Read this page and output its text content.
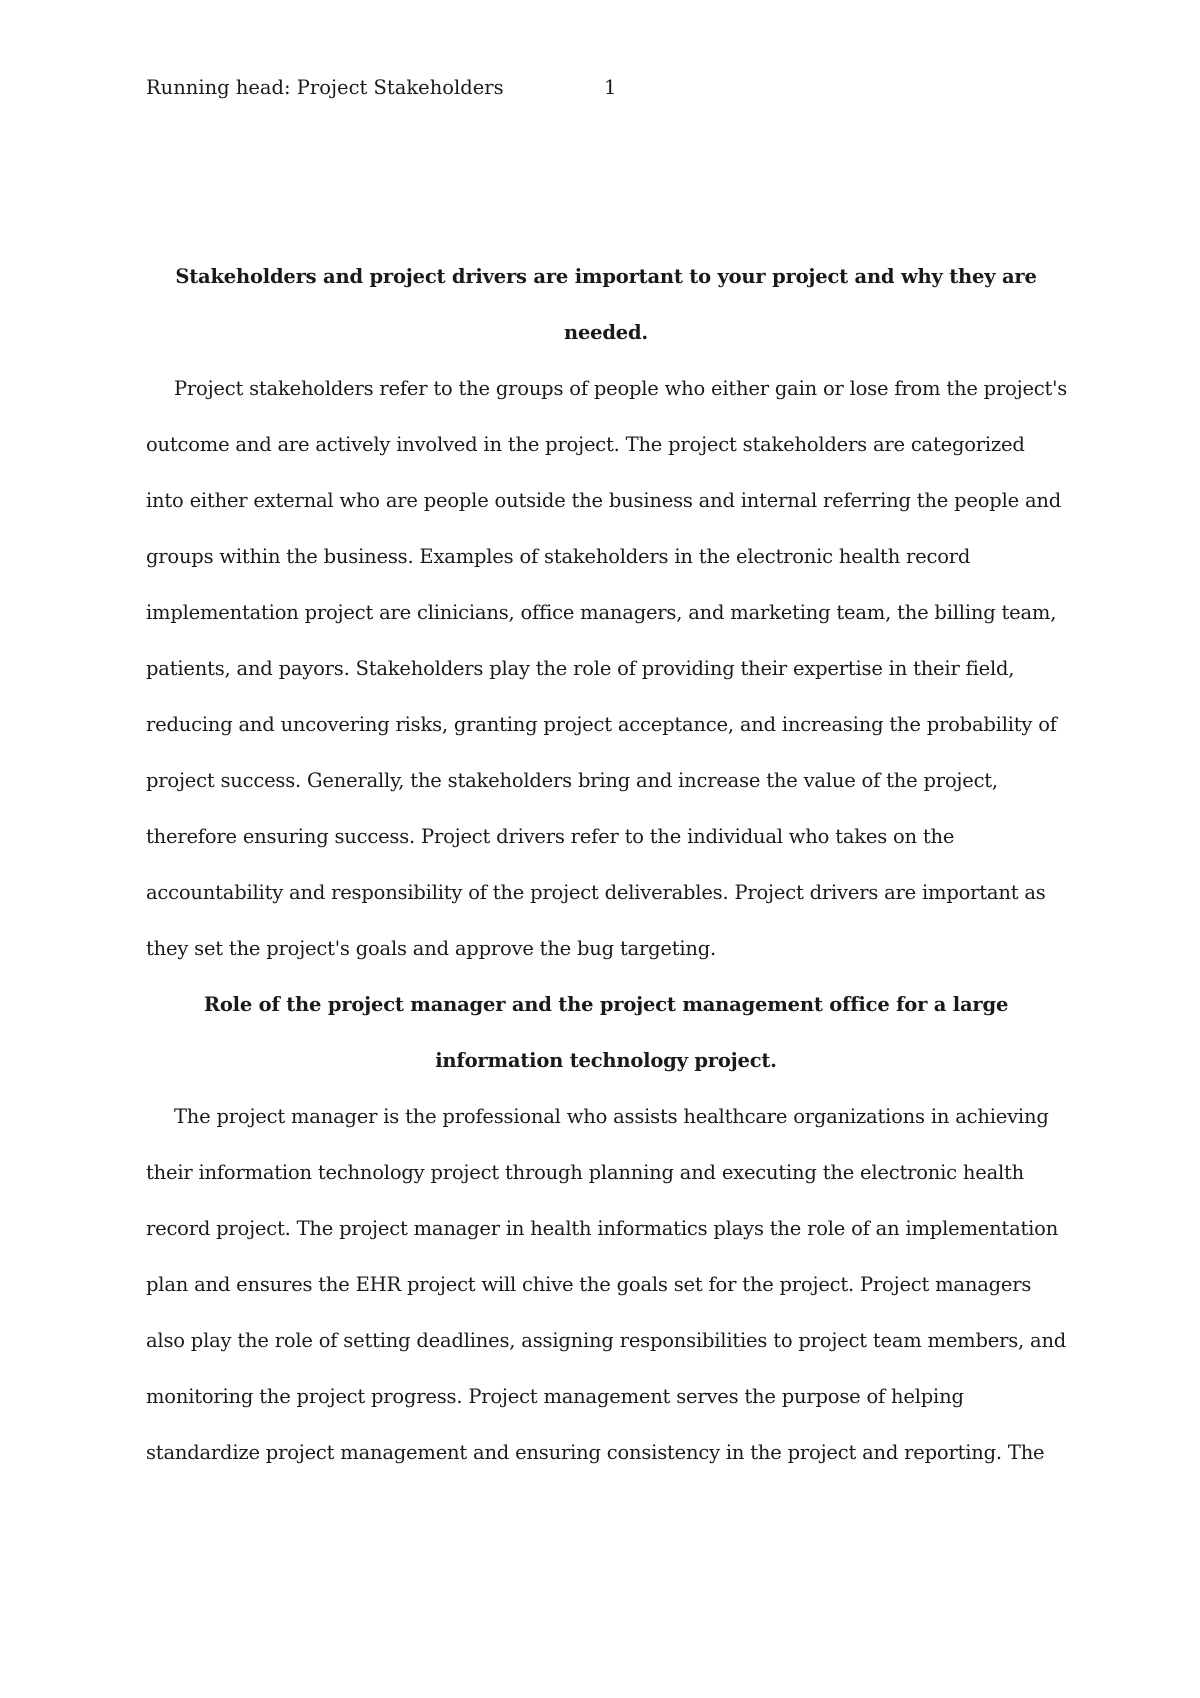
Running head: Project Stakeholders	1
Stakeholders and project drivers are important to your project and why they are
needed.
Project stakeholders refer to the groups of people who either gain or lose from the project's
outcome and are actively involved in the project. The project stakeholders are categorized
into either external who are people outside the business and internal referring the people and
groups within the business. Examples of stakeholders in the electronic health record
implementation project are clinicians, office managers, and marketing team, the billing team,
patients, and payors. Stakeholders play the role of providing their expertise in their field,
reducing and uncovering risks, granting project acceptance, and increasing the probability of
project success. Generally, the stakeholders bring and increase the value of the project,
therefore ensuring success. Project drivers refer to the individual who takes on the
accountability and responsibility of the project deliverables. Project drivers are important as
they set the project's goals and approve the bug targeting.
Role of the project manager and the project management office for a large
information technology project.
The project manager is the professional who assists healthcare organizations in achieving
their information technology project through planning and executing the electronic health
record project. The project manager in health informatics plays the role of an implementation
plan and ensures the EHR project will chive the goals set for the project. Project managers
also play the role of setting deadlines, assigning responsibilities to project team members, and
monitoring the project progress. Project management serves the purpose of helping
standardize project management and ensuring consistency in the project and reporting. The
